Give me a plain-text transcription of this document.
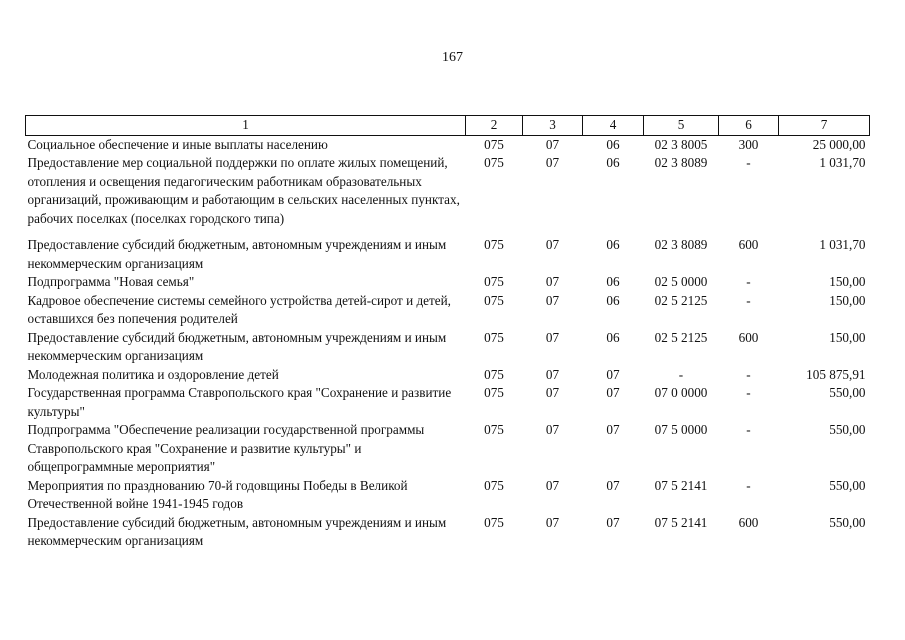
167
1	2	3	4	5	6	7
Социальное обеспечение и иные выплаты населению	075	07	06	02 3 8005	300	25 000,00
Предоставление мер социальной поддержки по оплате жилых помещений, отопления и освещения педагогическим работникам образовательных организаций, проживающим и работающим в сельских населенных пунктах, рабочих поселках (поселках городского типа)	075	07	06	02 3 8089	-	1 031,70
Предоставление субсидий бюджетным, автономным учреждениям и иным некоммерческим организациям	075	07	06	02 3 8089	600	1 031,70
Подпрограмма "Новая семья"	075	07	06	02 5 0000	-	150,00
Кадровое обеспечение системы семейного устройства детей-сирот и детей, оставшихся без попечения родителей	075	07	06	02 5 2125	-	150,00
Предоставление субсидий бюджетным, автономным учреждениям и иным некоммерческим организациям	075	07	06	02 5 2125	600	150,00
Молодежная политика и оздоровление детей	075	07	07	-	-	105 875,91
Государственная программа Ставропольского края "Сохранение и развитие культуры"	075	07	07	07 0 0000	-	550,00
Подпрограмма "Обеспечение реализации государственной программы Ставропольского края "Сохранение и развитие культуры" и общепрограммные мероприятия"	075	07	07	07 5 0000	-	550,00
Мероприятия по празднованию 70-й годовщины Победы в Великой Отечественной войне 1941-1945 годов	075	07	07	07 5 2141	-	550,00
Предоставление субсидий бюджетным, автономным учреждениям и иным некоммерческим организациям	075	07	07	07 5 2141	600	550,00
